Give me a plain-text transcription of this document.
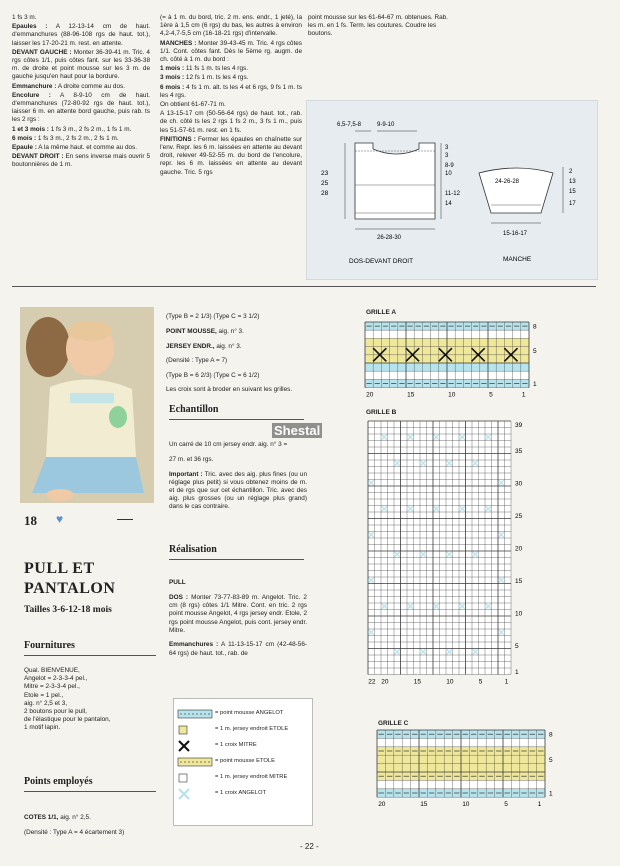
1 fs 3 m.

Epaules : A 12-13-14 cm de haut. d'emmanchures (88-96-108 rgs de haut. tot.), laisser les 17-20-21 m. rest. en attente.

DEVANT GAUCHE : Monter 36-39-41 m. Tric. 4 rgs côtes 1/1, puis côtes fant. sur les 33-36-38 m. de droite et point mousse sur les 3 m. de gauche jusqu'en haut pour la bordure.

Emmanchure : A droite comme au dos.

Encolure : A 8-9-10 cm de haut. d'emmanchures (72-80-92 rgs de haut. tot.), laisser 6 m. en attente bord gauche, puis rab. ts les 2 rgs :

1 et 3 mois : 1 fs 3 m., 2 fs 2 m., 1 fs 1 m.

6 mois : 1 fs 3 m., 2 fs 2 m., 2 fs 1 m.

Epaule : A la même haut. et comme au dos.

DEVANT DROIT : En sens inverse mais ouvrir 5 boutonnières de 1 m.

(= à 1 m. du bord, tric. 2 m. ens. endr., 1 jeté), la 1ère à 1,5 cm (6 rgs) du bas, les autres à environ 4,2-4,7-5,5 cm (16-18-21 rgs) d'intervalle.

MANCHES : Monter 39-43-45 m. Tric. 4 rgs côtes 1/1. Cont. côtes fant. Dès le 5ème rg. augm. de ch. côté à 1 m. du bord :

1 mois : 11 fs 1 m. ts les 4 rgs.

3 mois : 12 fs 1 m. ts les 4 rgs.

6 mois : 4 fs 1 m. alt. ts les 4 et 6 rgs, 9 fs 1 m. ts les 4 rgs.

On obtient 61-67-71 m.

A 13-15-17 cm (50-56-64 rgs) de haut. tot., rab. de ch. côté ts les 2 rgs 1 fs 2 m., 3 fs 1 m., puis les 51-57-61 m. rest. en 1 fs.

FINITIONS : Fermer les épaules en chaînette sur l'env. Repr. les 6 m. laissées en attente au devant droit, relever 49-52-55 m. du bord de l'encolure, repr. les 6 m. laissées en attente au devant gauche. Tric. 5 rgs

point mousse sur les 61-64-67 m. obtenues. Rab. les m. en 1 fs. Term. les coutures. Coudre les boutons.

6,5-7,5-8	9-9-10
23
25
28
3
3
8-9
10
11-12
14
26-28-30
DOS-DEVANT DROIT
24-26-28
2
13
15
17
15-16-17
MANCHE
18 ♥
PULL ET
PANTALON
Tailles 3-6-12-18 mois
Fournitures
Qual. BIENVENUE,
Angelot = 2-3-3-4 pel.,
Mitre = 2-3-3-4 pel.,
Etole = 1 pel.,
aig. n° 2,5 et 3,
2 boutons pour le pull,
de l'élastique pour le pantalon,
1 motif lapin.
Points employés

COTES 1/1, aig. n° 2,5.

(Densité : Type A = 4 écartement 3)

(Type B = 2 1/3) (Type C = 3 1/2)

POINT MOUSSE, aig. n° 3.

JERSEY ENDR., aig. n° 3.

(Densité : Type A = 7)

(Type B = 6 2/3) (Type C = 6 1/2)

Les croix sont à broder en suivant les grilles.

Echantillon

Un carré de 10 cm jersey endr. aig. n° 3 =

27 m. et 36 rgs.

Important : Tric. avec des aig. plus fines (ou un réglage plus petit) si vous obtenez moins de m. et de rgs que sur cet échantillon. Tric. avec des aig. plus grosses (ou un réglage plus grand) dans le cas contraire.

Shestal
Réalisation

PULL

DOS : Monter 73-77-83-89 m. Angelot. Tric. 2 cm (8 rgs) côtes 1/1 Mitre. Cont. en tric. 2 rgs point mousse Angelot, 4 rgs jersey endr. Etole, 2 rgs point mousse Angelot, puis cont. jersey endr. Mitre.

Emmanchures : A 11-13-15-17 cm (42-48-56-64 rgs) de haut. tot., rab. de

= point mousse ANGELOT
= 1 m. jersey endroit ETOLE
= 1 croix MITRE
= point mousse ETOLE
= 1 m. jersey endroit MITRE
= 1 croix ANGELOT
GRILLE A
8
5
1
20	15	10	5	1
GRILLE B
39
35
30
25
20
15
10
5
1
22 20	15	10	5	1
GRILLE C
8
5
1
20	15	10	5	1
- 22 -
